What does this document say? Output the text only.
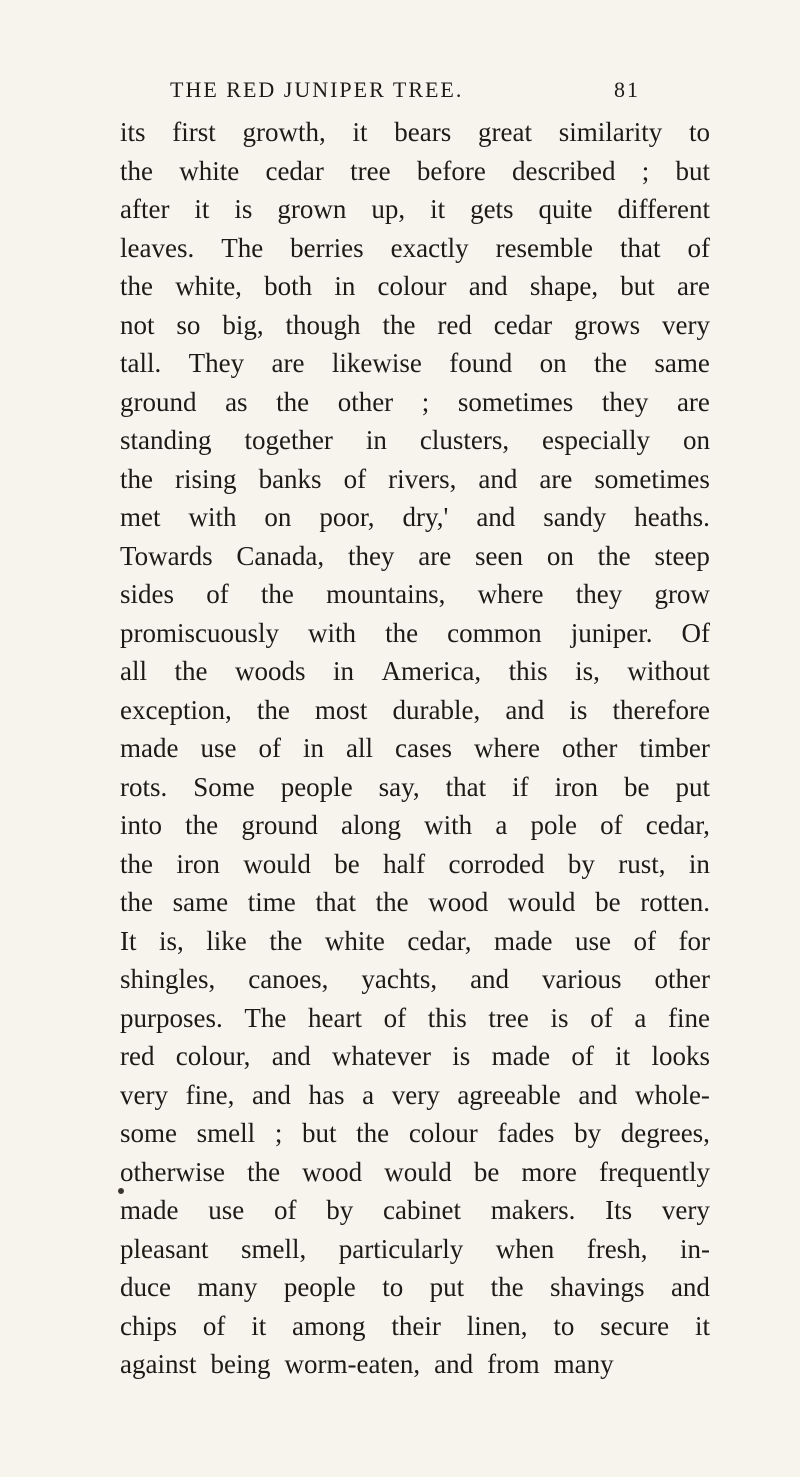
THE RED JUNIPER TREE.	81
its first growth, it bears great similarity to
the white cedar tree before described ; but
after it is grown up, it gets quite different
leaves. The berries exactly resemble that of
the white, both in colour and shape, but are
not so big, though the red cedar grows very
tall. They are likewise found on the same
ground as the other ; sometimes they are
standing together in clusters, especially on
the rising banks of rivers, and are sometimes
met with on poor, dry,' and sandy heaths.
Towards Canada, they are seen on the steep
sides of the mountains, where they grow
promiscuously with the common juniper. Of
all the woods in America, this is, without
exception, the most durable, and is therefore
made use of in all cases where other timber
rots. Some people say, that if iron be put
into the ground along with a pole of cedar,
the iron would be half corroded by rust, in
the same time that the wood would be rotten.
It is, like the white cedar, made use of for
shingles, canoes, yachts, and various other
purposes. The heart of this tree is of a fine
red colour, and whatever is made of it looks
very fine, and has a very agreeable and whole-
some smell ; but the colour fades by degrees,
otherwise the wood would be more frequently
made use of by cabinet makers. Its very
pleasant smell, particularly when fresh, in-
duce many people to put the shavings and
chips of it among their linen, to secure it
against being worm-eaten, and from many
